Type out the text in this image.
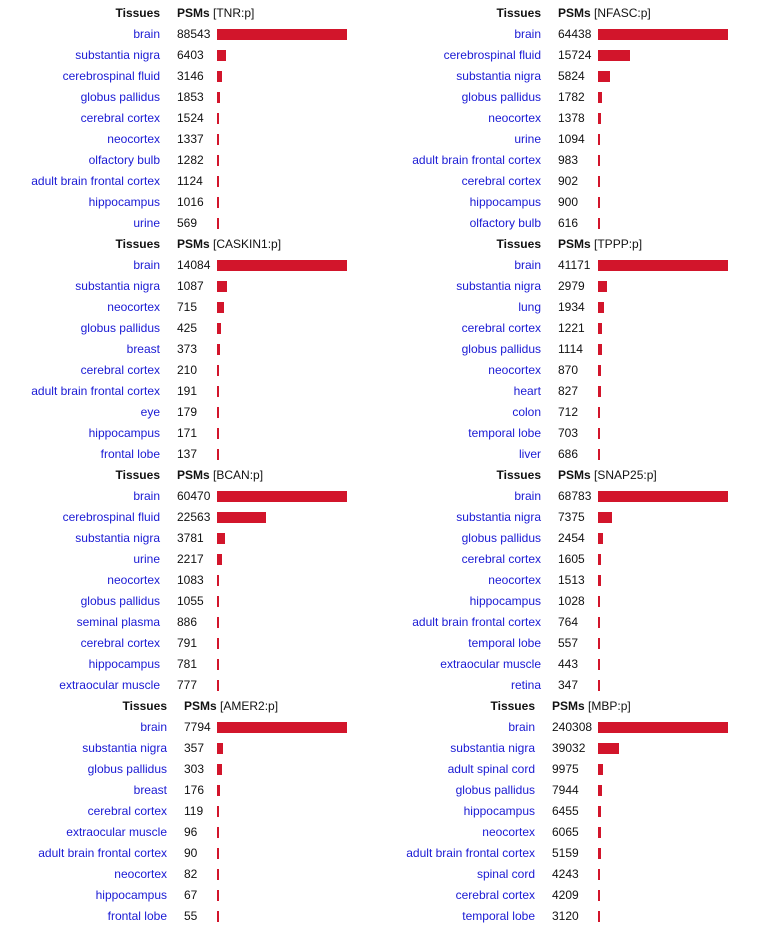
Tissues PSMs [TNR:p]
brain 88543
substantia nigra 6403
cerebrospinal fluid 3146
globus pallidus 1853
cerebral cortex 1524
neocortex 1337
olfactory bulb 1282
adult brain frontal cortex 1124
hippocampus 1016
urine 569
Tissues PSMs [NFASC:p]
brain 64438
cerebrospinal fluid 15724
substantia nigra 5824
globus pallidus 1782
neocortex 1378
urine 1094
adult brain frontal cortex 983
cerebral cortex 902
hippocampus 900
olfactory bulb 616
Tissues PSMs [CASKIN1:p]
brain 14084
substantia nigra 1087
neocortex 715
globus pallidus 425
breast 373
cerebral cortex 210
adult brain frontal cortex 191
eye 179
hippocampus 171
frontal lobe 137
Tissues PSMs [TPPP:p]
brain 41171
substantia nigra 2979
lung 1934
cerebral cortex 1221
globus pallidus 1114
neocortex 870
heart 827
colon 712
temporal lobe 703
liver 686
Tissues PSMs [BCAN:p]
brain 60470
cerebrospinal fluid 22563
substantia nigra 3781
urine 2217
neocortex 1083
globus pallidus 1055
seminal plasma 886
cerebral cortex 791
hippocampus 781
extraocular muscle 777
Tissues PSMs [SNAP25:p]
brain 68783
substantia nigra 7375
globus pallidus 2454
cerebral cortex 1605
neocortex 1513
hippocampus 1028
adult brain frontal cortex 764
temporal lobe 557
extraocular muscle 443
retina 347
Tissues PSMs [AMER2:p]
brain 7794
substantia nigra 357
globus pallidus 303
breast 176
cerebral cortex 119
extraocular muscle 96
adult brain frontal cortex 90
neocortex 82
hippocampus 67
frontal lobe 55
Tissues PSMs [MBP:p]
brain 240308
substantia nigra 39032
adult spinal cord 9975
globus pallidus 7944
hippocampus 6455
neocortex 6065
adult brain frontal cortex 5159
spinal cord 4243
cerebral cortex 4209
temporal lobe 3120
